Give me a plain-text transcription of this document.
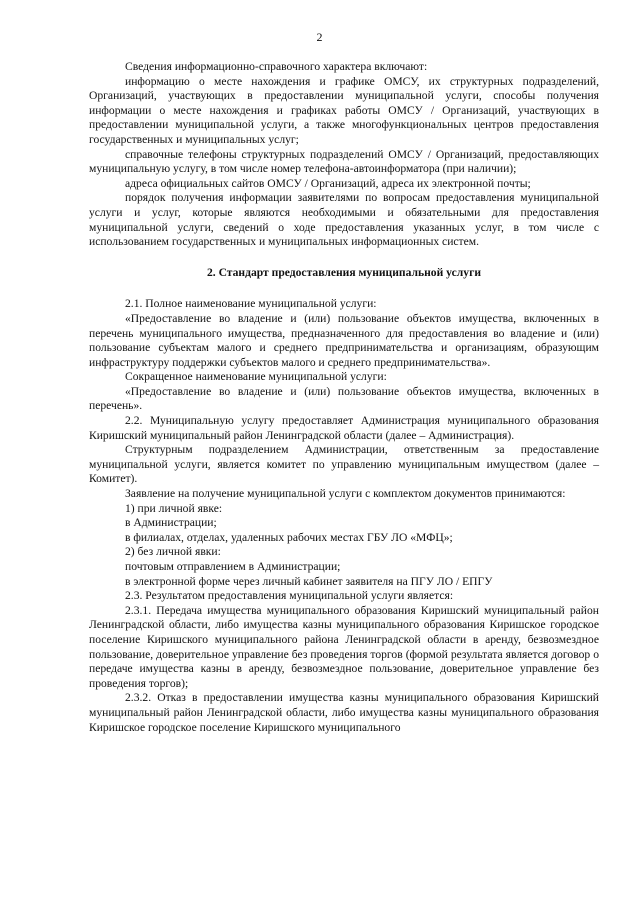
2

Сведения информационно-справочного характера включают:

информацию о месте нахождения и графике ОМСУ, их структурных подразделений, Организаций, участвующих в предоставлении муниципальной услуги, способы получения информации о месте нахождения и графиках работы ОМСУ / Организаций, участвующих в предоставлении муниципальной услуги, а также многофункциональных центров предоставления государственных и муниципальных услуг;

справочные телефоны структурных подразделений ОМСУ / Организаций, предоставляющих муниципальную услугу, в том числе номер телефона-автоинформатора (при наличии);

адреса официальных сайтов ОМСУ / Организаций, адреса их электронной почты;

порядок получения информации заявителями по вопросам предоставления муниципальной услуги и услуг, которые являются необходимыми и обязательными для предоставления муниципальной услуги, сведений о ходе предоставления указанных услуг, в том числе с использованием государственных и муниципальных информационных систем.

2. Стандарт предоставления муниципальной услуги

2.1. Полное наименование муниципальной услуги:

«Предоставление во владение и (или) пользование объектов имущества, включенных в перечень муниципального имущества, предназначенного для предоставления во владение и (или) пользование субъектам малого и среднего предпринимательства и организациям, образующим инфраструктуру поддержки субъектов малого и среднего предпринимательства».

Сокращенное наименование муниципальной услуги:

«Предоставление во владение и (или) пользование объектов имущества, включенных в перечень».

2.2. Муниципальную услугу предоставляет Администрация муниципального образования Киришский муниципальный район Ленинградской области (далее – Администрация).

Структурным подразделением Администрации, ответственным за предоставление муниципальной услуги, является комитет по управлению муниципальным имуществом (далее – Комитет).

Заявление на получение муниципальной услуги с комплектом документов принимаются:

1) при личной явке:

в Администрации;

в филиалах, отделах, удаленных рабочих местах ГБУ ЛО «МФЦ»;

2) без личной явки:

почтовым отправлением в Администрации;

в электронной форме через личный кабинет заявителя на ПГУ ЛО / ЕПГУ

2.3. Результатом предоставления муниципальной услуги является:

2.3.1. Передача имущества муниципального образования Киришский муниципальный район Ленинградской области, либо имущества казны муниципального образования Киришское городское поселение Киришского муниципального района Ленинградской области в аренду, безвозмездное пользование, доверительное управление без проведения торгов (формой результата является договор о передаче имущества казны в аренду, безвозмездное пользование, доверительное управление без проведения торгов);

2.3.2. Отказ в предоставлении имущества казны муниципального образования Киришский муниципальный район Ленинградской области, либо имущества казны муниципального образования Киришское городское поселение Киришского муниципального
